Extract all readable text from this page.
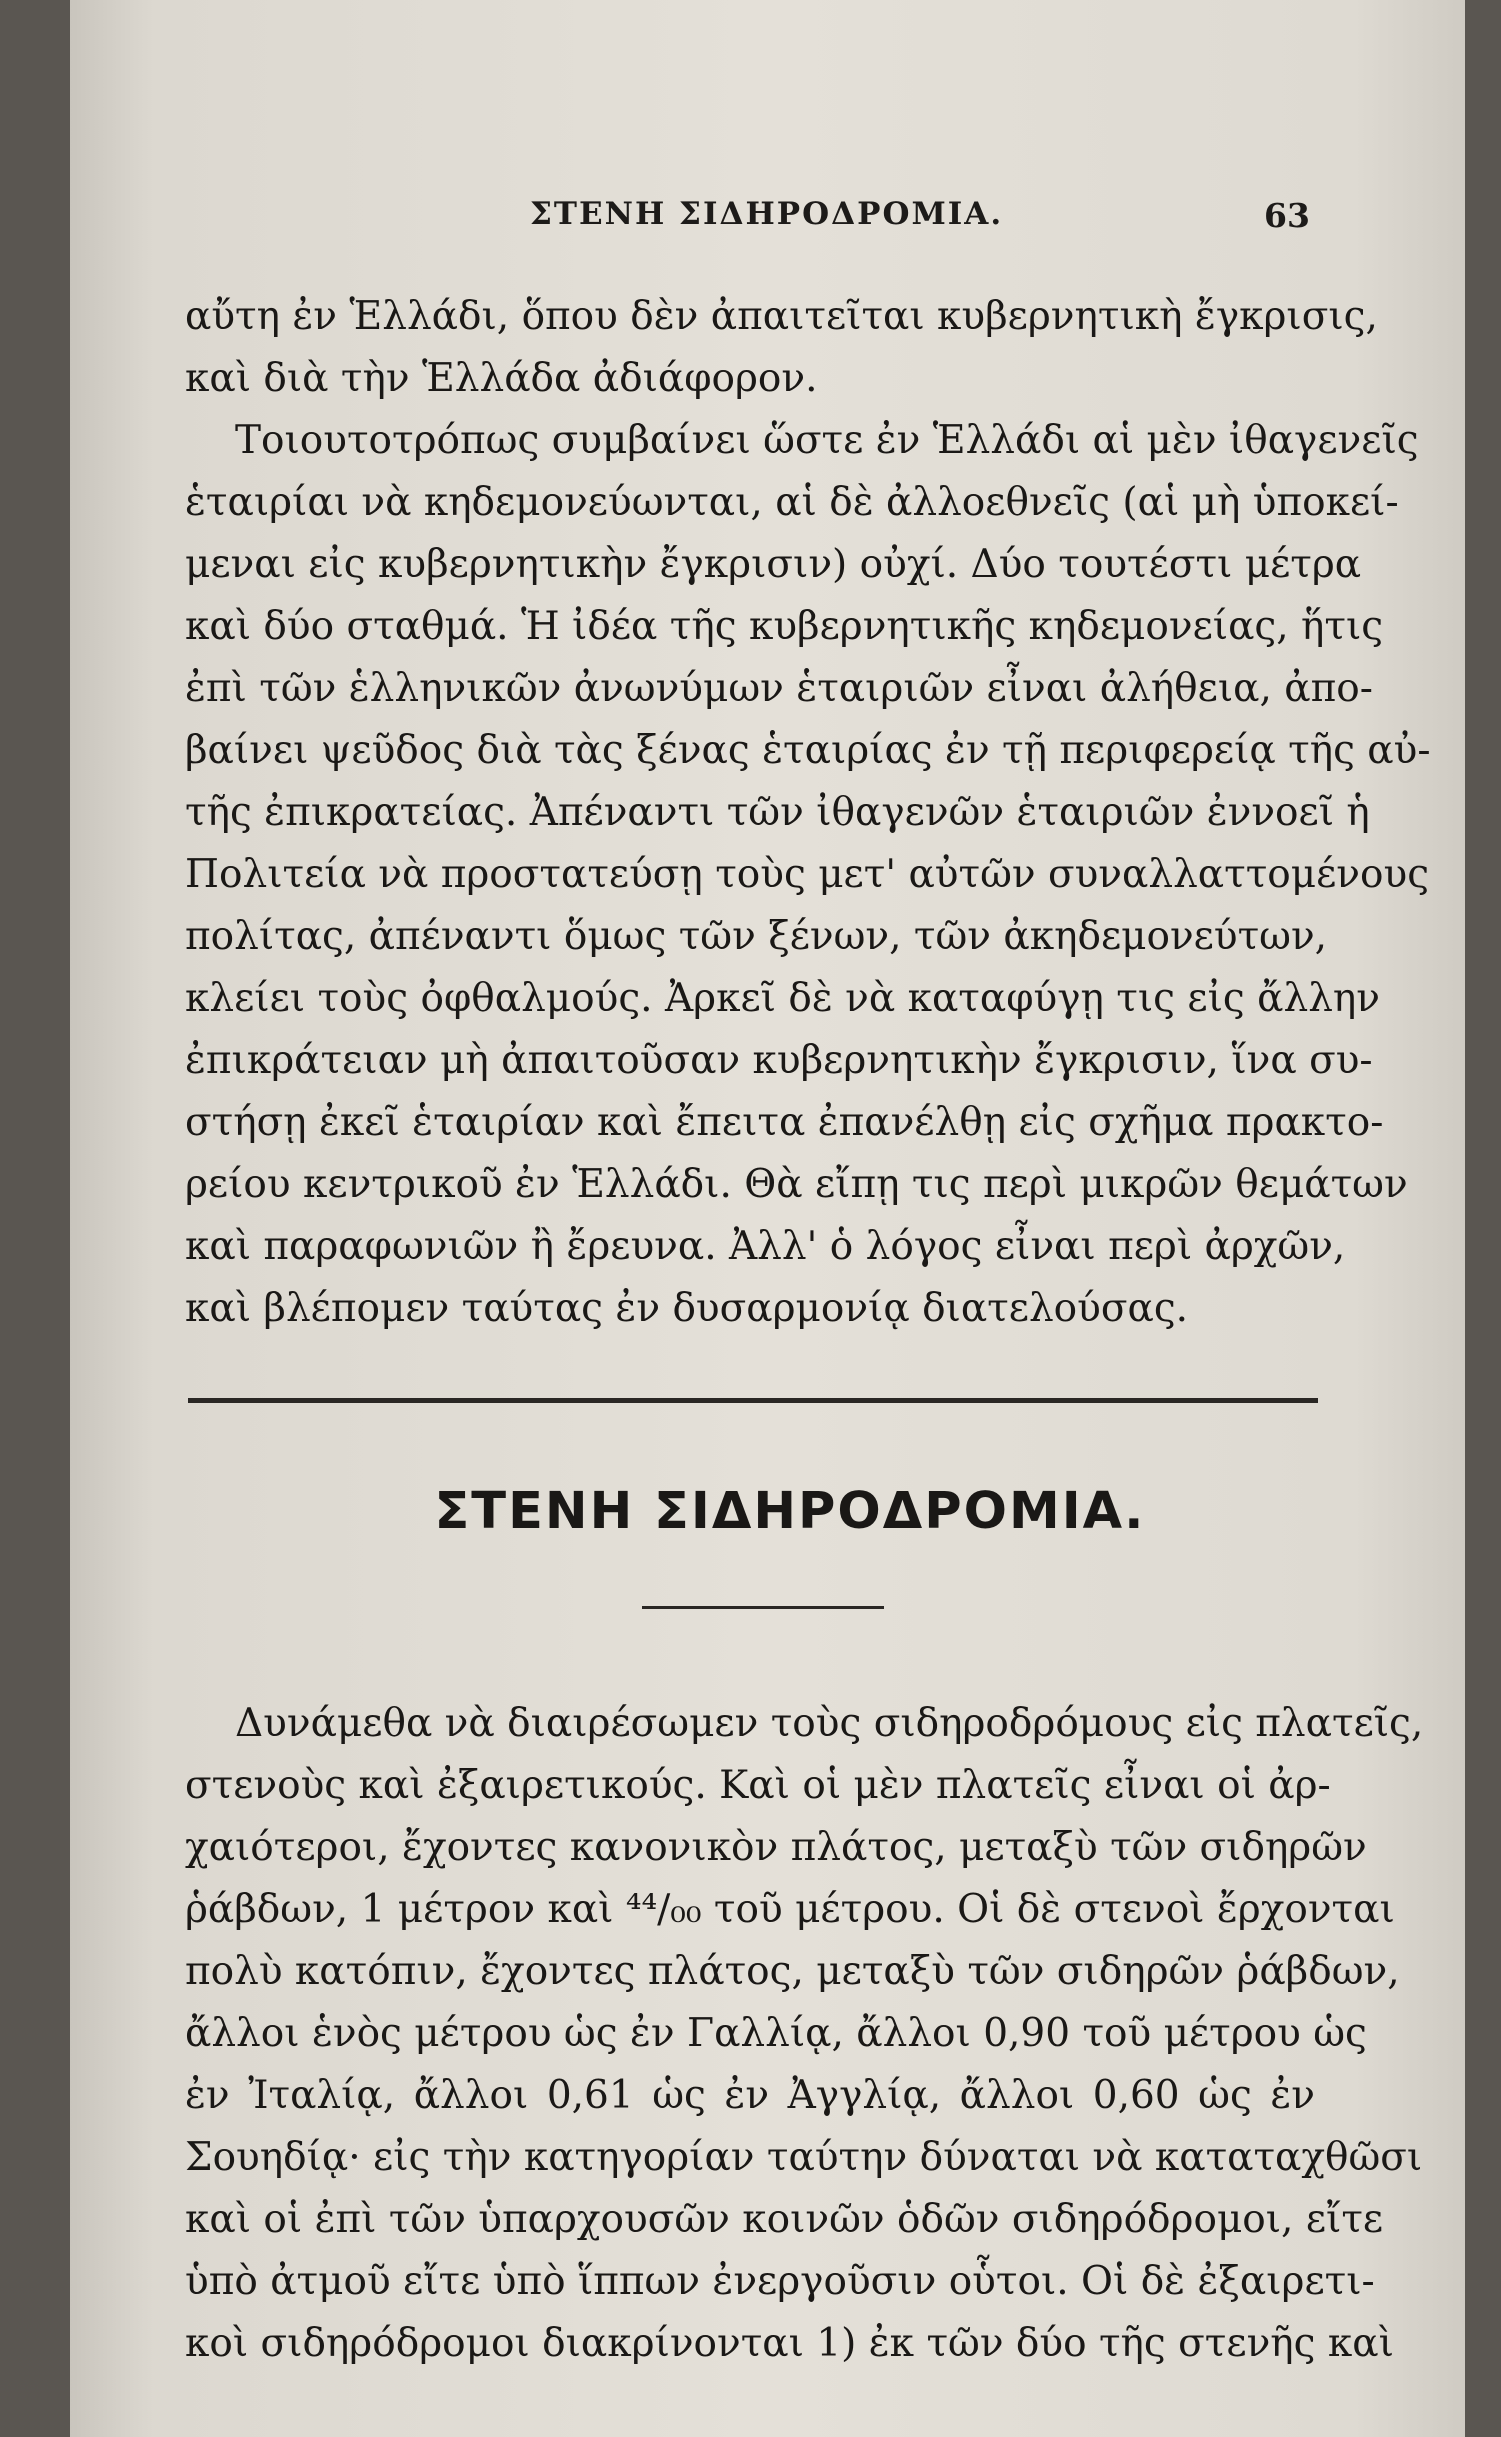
ΣΤΕΝΗ ΣΙΔΗΡΟΔΡΟΜΙΑ.	63
αὔτη ἐν Ἑλλάδι, ὅπου δὲν ἀπαιτεῖται κυβερνητικὴ ἔγκρισις,
καὶ διὰ τὴν Ἑλλάδα ἀδιάφορον.
Τοιουτοτρόπως συμβαίνει ὥστε ἐν Ἑλλάδι αἱ μὲν ἰθαγενεῖς
ἑταιρίαι νὰ κηδεμονεύωνται, αἱ δὲ ἀλλοεθνεῖς (αἱ μὴ ὑποκεί-
μεναι εἰς κυβερνητικὴν ἔγκρισιν) οὐχί. Δύο τουτέστι μέτρα
καὶ δύο σταθμά. Ἡ ἰδέα τῆς κυβερνητικῆς κηδεμονείας, ἥτις
ἐπὶ τῶν ἑλληνικῶν ἀνωνύμων ἑταιριῶν εἶναι ἀλήθεια, ἀπο-
βαίνει ψεῦδος διὰ τὰς ξένας ἑταιρίας ἐν τῇ περιφερείᾳ τῆς αὐ-
τῆς ἐπικρατείας. Ἀπέναντι τῶν ἰθαγενῶν ἑταιριῶν ἐννοεῖ ἡ
Πολιτεία νὰ προστατεύσῃ τοὺς μετ' αὐτῶν συναλλαττομένους
πολίτας, ἀπέναντι ὅμως τῶν ξένων, τῶν ἀκηδεμονεύτων,
κλείει τοὺς ὀφθαλμούς. Ἀρκεῖ δὲ νὰ καταφύγῃ τις εἰς ἄλλην
ἐπικράτειαν μὴ ἀπαιτοῦσαν κυβερνητικὴν ἔγκρισιν, ἵνα συ-
στήσῃ ἐκεῖ ἑταιρίαν καὶ ἔπειτα ἐπανέλθῃ εἰς σχῆμα πρακτο-
ρείου κεντρικοῦ ἐν Ἑλλάδι. Θὰ εἴπῃ τις περὶ μικρῶν θεμάτων
καὶ παραφωνιῶν ἢ ἔρευνα. Ἀλλ' ὁ λόγος εἶναι περὶ ἀρχῶν,
καὶ βλέπομεν ταύτας ἐν δυσαρμονίᾳ διατελούσας.
ΣΤΕΝΗ ΣΙΔΗΡΟΔΡΟΜΙΑ.
Δυνάμεθα νὰ διαιρέσωμεν τοὺς σιδηροδρόμους εἰς πλατεῖς,
στενοὺς καὶ ἐξαιρετικούς. Καὶ οἱ μὲν πλατεῖς εἶναι οἱ ἀρ-
χαιότεροι, ἔχοντες κανονικὸν πλάτος, μεταξὺ τῶν σιδηρῶν
ῥάβδων, 1 μέτρον καὶ ⁴⁴/₀₀ τοῦ μέτρου. Οἱ δὲ στενοὶ ἔρχονται
πολὺ κατόπιν, ἔχοντες πλάτος, μεταξὺ τῶν σιδηρῶν ῥάβδων,
ἄλλοι ἑνὸς μέτρου ὡς ἐν Γαλλίᾳ, ἄλλοι 0,90 τοῦ μέτρου ὡς
ἐν Ἰταλίᾳ, ἄλλοι 0,61 ὡς ἐν Ἀγγλίᾳ, ἄλλοι 0,60 ὡς ἐν
Σουηδίᾳ· εἰς τὴν κατηγορίαν ταύτην δύναται νὰ καταταχθῶσι
καὶ οἱ ἐπὶ τῶν ὑπαρχουσῶν κοινῶν ὁδῶν σιδηρόδρομοι, εἴτε
ὑπὸ ἀτμοῦ εἴτε ὑπὸ ἵππων ἐνεργοῦσιν οὗτοι. Οἱ δὲ ἐξαιρετι-
κοὶ σιδηρόδρομοι διακρίνονται 1) ἐκ τῶν δύο τῆς στενῆς καὶ
